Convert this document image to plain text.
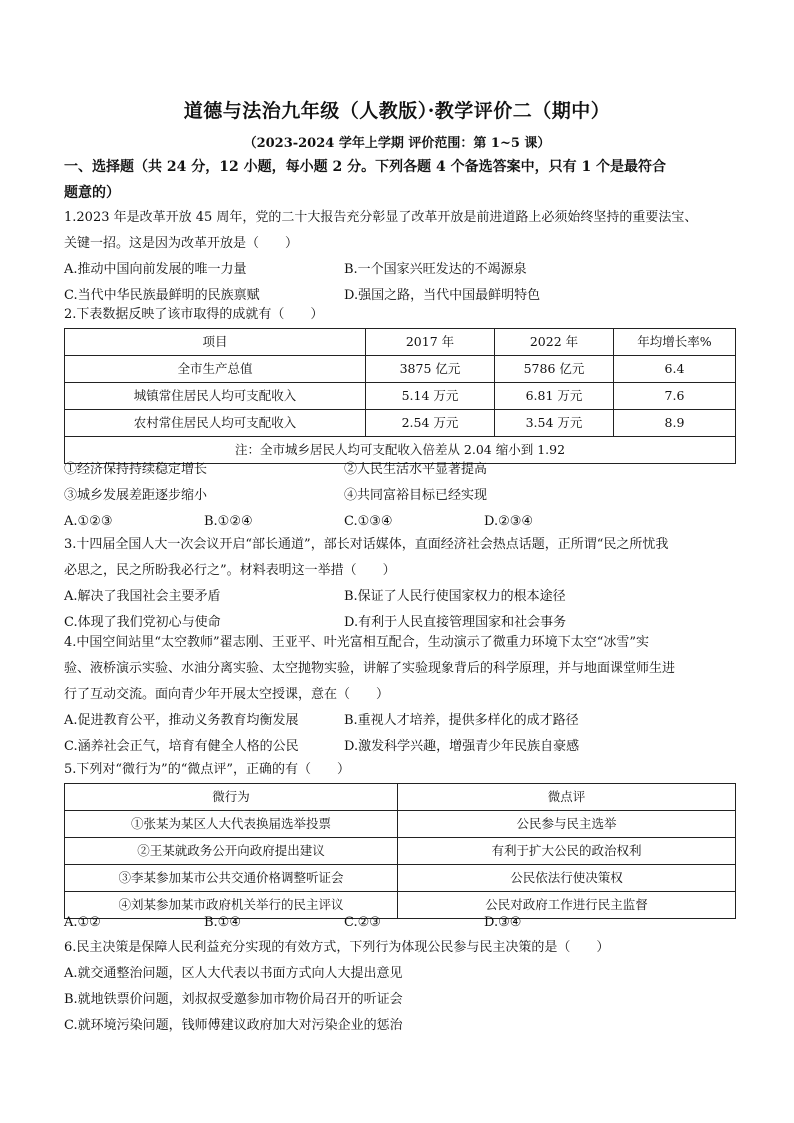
道德与法治九年级（人教版）·教学评价二（期中）
（2023-2024 学年上学期 评价范围：第 1~5 课）

一、选择题（共 24 分，12 小题，每小题 2 分。下列各题 4 个备选答案中，只有 1 个是最符合

题意的）

1.2023 年是改革开放 45 周年，党的二十大报告充分彰显了改革开放是前进道路上必须始终坚持的重要法宝、

关键一招。这是因为改革开放是（　　）

A.推动中国向前发展的唯一力量	B.一个国家兴旺发达的不竭源泉
C.当代中华民族最鲜明的民族禀赋	D.强国之路，当代中国最鲜明特色

2.下表数据反映了该市取得的成就有（　　）

项目	2017 年	2022 年	年均增长率%
全市生产总值	3875 亿元	5786 亿元	6.4
城镇常住居民人均可支配收入	5.14 万元	6.81 万元	7.6
农村常住居民人均可支配收入	2.54 万元	3.54 万元	8.9
注：全市城乡居民人均可支配收入倍差从 2.04 缩小到 1.92			
①经济保持持续稳定增长	②人民生活水平显著提高
③城乡发展差距逐步缩小	④共同富裕目标已经实现
A.①②③	B.①②④	C.①③④	D.②③④

3.十四届全国人大一次会议开启“部长通道”，部长对话媒体，直面经济社会热点话题，正所谓“民之所忧我

必思之，民之所盼我必行之”。材料表明这一举措（　　）

A.解决了我国社会主要矛盾	B.保证了人民行使国家权力的根本途径
C.体现了我们党初心与使命	D.有利于人民直接管理国家和社会事务

4.中国空间站里“太空教师”翟志刚、王亚平、叶光富相互配合，生动演示了微重力环境下太空“冰雪”实

验、液桥演示实验、水油分离实验、太空抛物实验，讲解了实验现象背后的科学原理，并与地面课堂师生进

行了互动交流。面向青少年开展太空授课，意在（　　）

A.促进教育公平，推动义务教育均衡发展	B.重视人才培养，提供多样化的成才路径
C.涵养社会正气，培育有健全人格的公民	D.激发科学兴趣，增强青少年民族自豪感

5.下列对“微行为”的“微点评”，正确的有（　　）

微行为	微点评
①张某为某区人大代表换届选举投票	公民参与民主选举
②王某就政务公开向政府提出建议	有利于扩大公民的政治权利
③李某参加某市公共交通价格调整听证会	公民依法行使决策权
④刘某参加某市政府机关举行的民主评议	公民对政府工作进行民主监督
A.①②	B.①④	C.②③	D.③④

6.民主决策是保障人民利益充分实现的有效方式，下列行为体现公民参与民主决策的是（　　）

A.就交通整治问题，区人大代表以书面方式向人大提出意见

B.就地铁票价问题，刘叔叔受邀参加市物价局召开的听证会

C.就环境污染问题，钱师傅建议政府加大对污染企业的惩治
